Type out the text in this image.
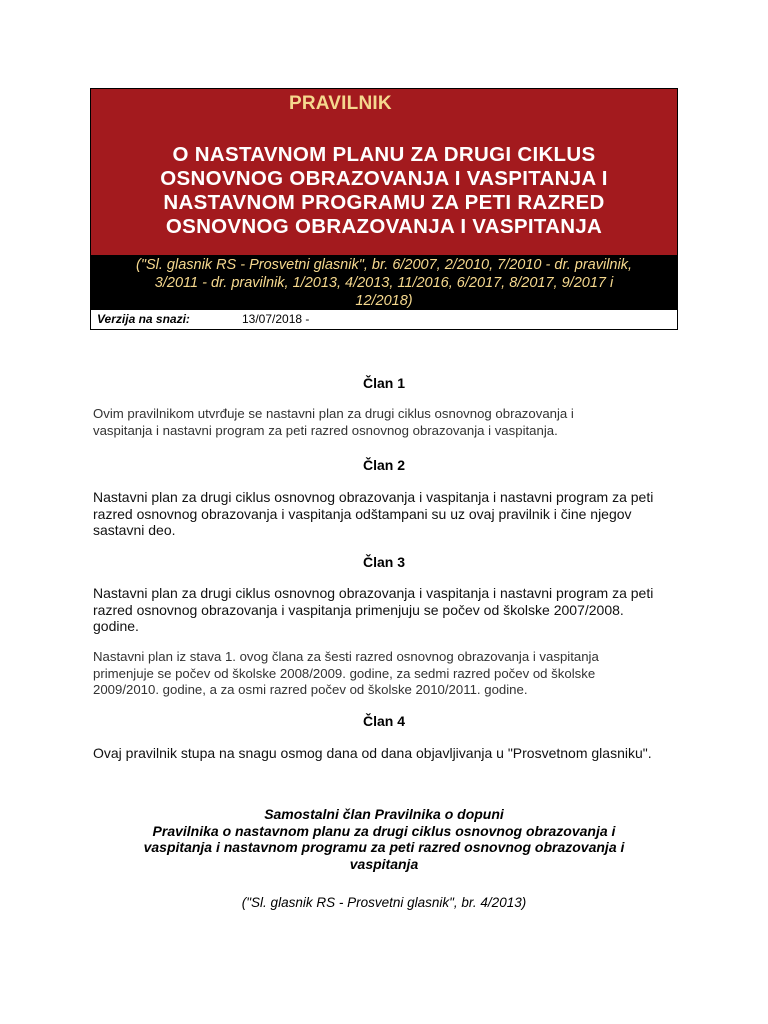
PRAVILNIK
O NASTAVNOM PLANU ZA DRUGI CIKLUS
OSNOVNOG OBRAZOVANJA I VASPITANJA I
NASTAVNOM PROGRAMU ZA PETI RAZRED
OSNOVNOG OBRAZOVANJA I VASPITANJA
("Sl. glasnik RS - Prosvetni glasnik", br. 6/2007, 2/2010, 7/2010 - dr. pravilnik,
3/2011 - dr. pravilnik, 1/2013, 4/2013, 11/2016, 6/2017, 8/2017, 9/2017 i
12/2018)
Verzija na snazi:	13/07/2018 -
Član 1
Ovim pravilnikom utvrđuje se nastavni plan za drugi ciklus osnovnog obrazovanja i
vaspitanja i nastavni program za peti razred osnovnog obrazovanja i vaspitanja.
Član 2
Nastavni plan za drugi ciklus osnovnog obrazovanja i vaspitanja i nastavni program za peti
razred osnovnog obrazovanja i vaspitanja odštampani su uz ovaj pravilnik i čine njegov
sastavni deo.
Član 3
Nastavni plan za drugi ciklus osnovnog obrazovanja i vaspitanja i nastavni program za peti
razred osnovnog obrazovanja i vaspitanja primenjuju se počev od školske 2007/2008.
godine.
Nastavni plan iz stava 1. ovog člana za šesti razred osnovnog obrazovanja i vaspitanja
primenjuje se počev od školske 2008/2009. godine, za sedmi razred počev od školske
2009/2010. godine, a za osmi razred počev od školske 2010/2011. godine.
Član 4
Ovaj pravilnik stupa na snagu osmog dana od dana objavljivanja u "Prosvetnom glasniku".
Samostalni član Pravilnika o dopuni
Pravilnika o nastavnom planu za drugi ciklus osnovnog obrazovanja i
vaspitanja i nastavnom programu za peti razred osnovnog obrazovanja i
vaspitanja
("Sl. glasnik RS - Prosvetni glasnik", br. 4/2013)
